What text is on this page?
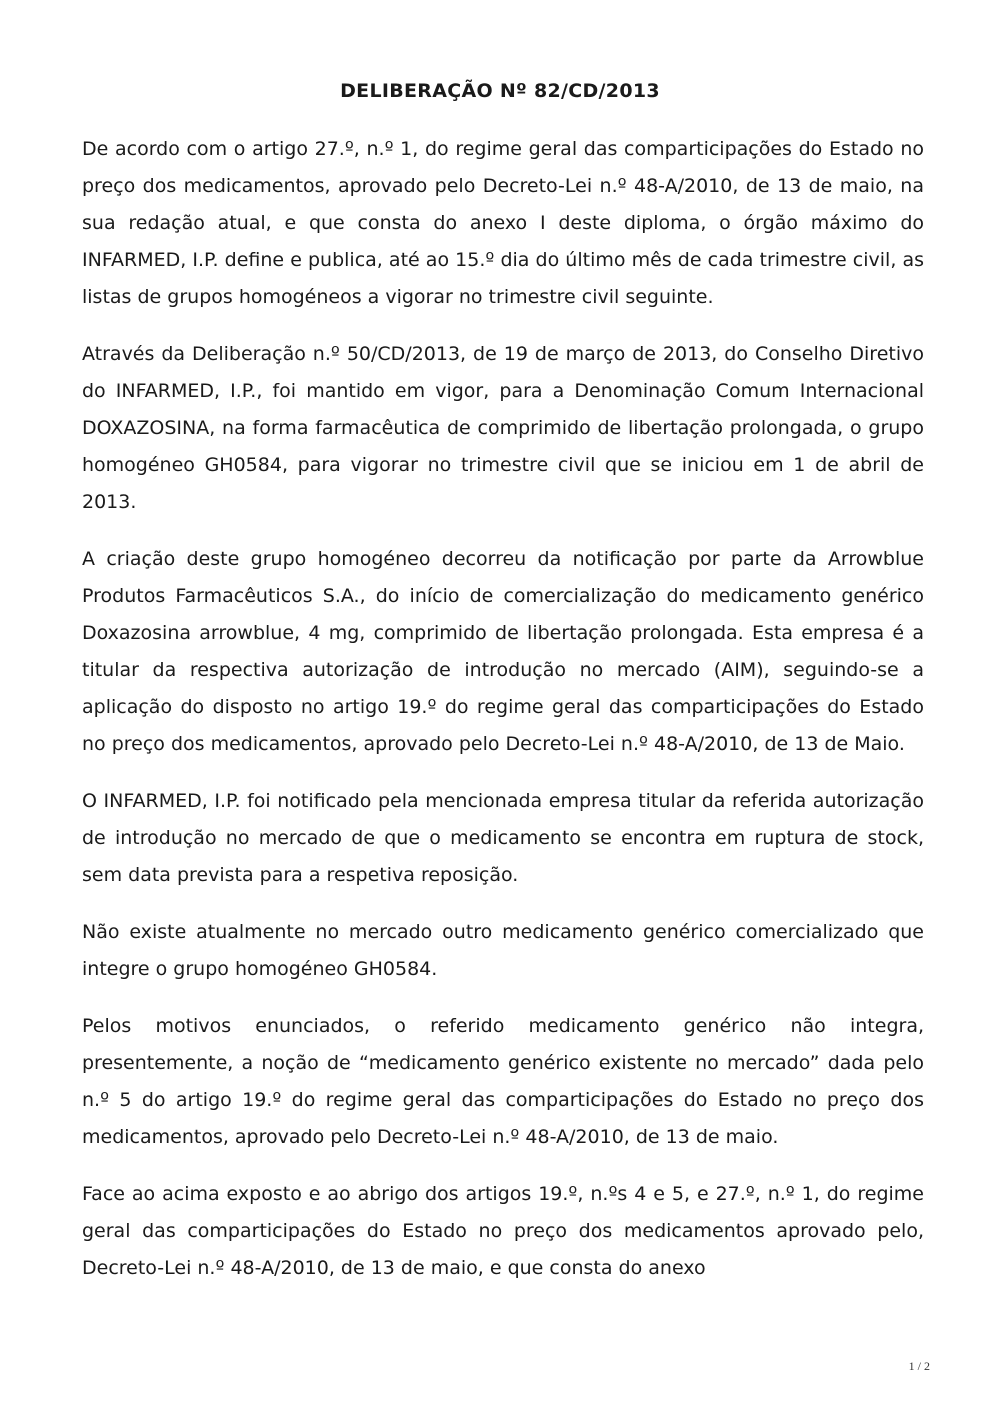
DELIBERAÇÃO Nº 82/CD/2013

De acordo com o artigo 27.º, n.º 1, do regime geral das comparticipações do Estado no preço dos medicamentos, aprovado pelo Decreto-Lei n.º 48-A/2010, de 13 de maio, na sua redação atual, e que consta do anexo I deste diploma, o órgão máximo do INFARMED, I.P. define e publica, até ao 15.º dia do último mês de cada trimestre civil, as listas de grupos homogéneos a vigorar no trimestre civil seguinte.

Através da Deliberação n.º 50/CD/2013, de 19 de março de 2013, do Conselho Diretivo do INFARMED, I.P., foi mantido em vigor, para a Denominação Comum Internacional DOXAZOSINA, na forma farmacêutica de comprimido de libertação prolongada, o grupo homogéneo GH0584, para vigorar no trimestre civil que se iniciou em 1 de abril de 2013.

A criação deste grupo homogéneo decorreu da notificação por parte da Arrowblue Produtos Farmacêuticos S.A., do início de comercialização do medicamento genérico Doxazosina arrowblue, 4 mg, comprimido de libertação prolongada. Esta empresa é a titular da respectiva autorização de introdução no mercado (AIM), seguindo-se a aplicação do disposto no artigo 19.º do regime geral das comparticipações do Estado no preço dos medicamentos, aprovado pelo Decreto-Lei n.º 48-A/2010, de 13 de Maio.

O INFARMED, I.P. foi notificado pela mencionada empresa titular da referida autorização de introdução no mercado de que o medicamento se encontra em ruptura de stock, sem data prevista para a respetiva reposição.

Não existe atualmente no mercado outro medicamento genérico comercializado que integre o grupo homogéneo GH0584.

Pelos motivos enunciados, o referido medicamento genérico não integra, presentemente, a noção de “medicamento genérico existente no mercado” dada pelo n.º 5 do artigo 19.º do regime geral das comparticipações do Estado no preço dos medicamentos, aprovado pelo Decreto-Lei n.º 48-A/2010, de 13 de maio.

Face ao acima exposto e ao abrigo dos artigos 19.º, n.ºs 4 e 5, e 27.º, n.º 1, do regime geral das comparticipações do Estado no preço dos medicamentos aprovado pelo, Decreto-Lei n.º 48-A/2010, de 13 de maio, e que consta do anexo

1 / 2
